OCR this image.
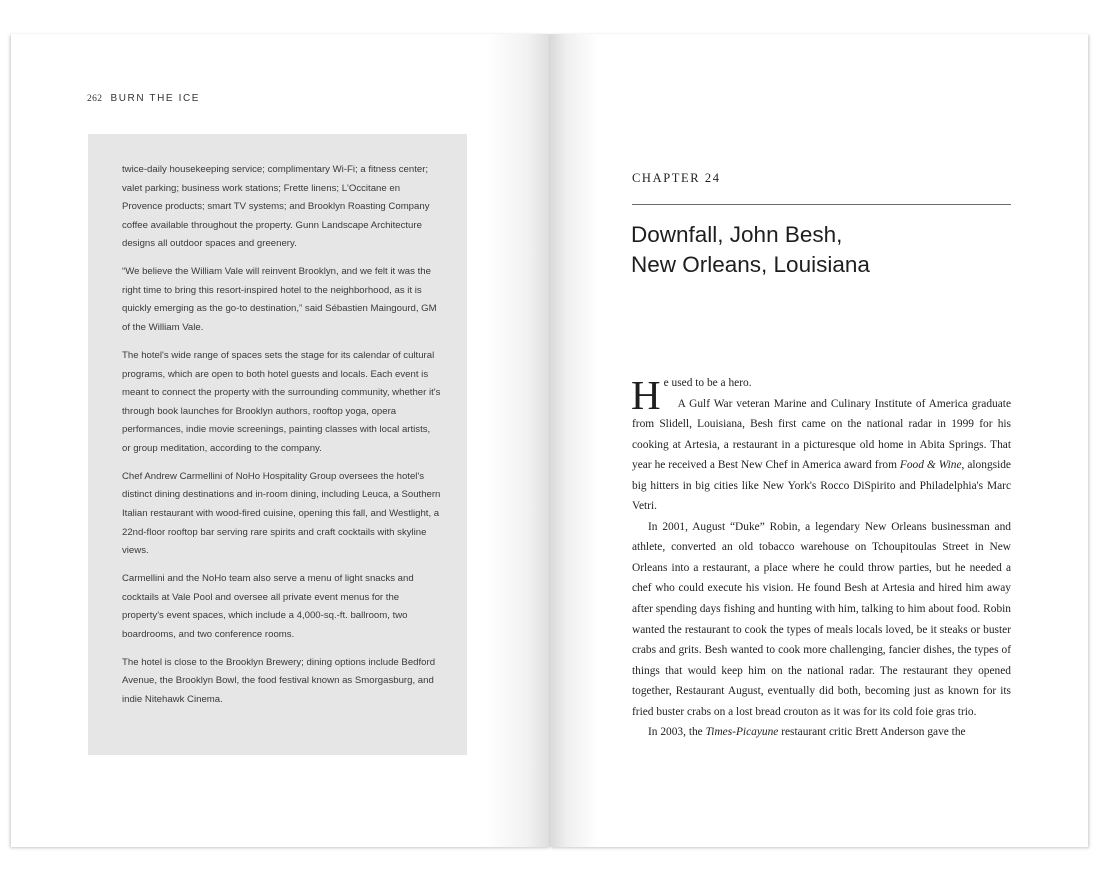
262 BURN THE ICE

twice-daily housekeeping service; complimentary Wi-Fi; a fitness center; valet parking; business work stations; Frette linens; L'Occitane en Provence products; smart TV systems; and Brooklyn Roasting Company coffee available throughout the property. Gunn Landscape Architecture designs all outdoor spaces and greenery.

“We believe the William Vale will reinvent Brooklyn, and we felt it was the right time to bring this resort-inspired hotel to the neighborhood, as it is quickly emerging as the go-to destination,” said Sébastien Maingourd, GM of the William Vale.

The hotel's wide range of spaces sets the stage for its calendar of cultural programs, which are open to both hotel guests and locals. Each event is meant to connect the property with the surrounding community, whether it's through book launches for Brooklyn authors, rooftop yoga, opera performances, indie movie screenings, painting classes with local artists, or group meditation, according to the company.

Chef Andrew Carmellini of NoHo Hospitality Group oversees the hotel's distinct dining destinations and in-room dining, including Leuca, a Southern Italian restaurant with wood-fired cuisine, opening this fall, and Westlight, a 22nd-floor rooftop bar serving rare spirits and craft cocktails with skyline views.

Carmellini and the NoHo team also serve a menu of light snacks and cocktails at Vale Pool and oversee all private event menus for the property's event spaces, which include a 4,000-sq.-ft. ballroom, two boardrooms, and two conference rooms.

The hotel is close to the Brooklyn Brewery; dining options include Bedford Avenue, the Brooklyn Bowl, the food festival known as Smorgasburg, and indie Nitehawk Cinema.

CHAPTER 24
Downfall, John Besh,
New Orleans, Louisiana

He used to be a hero.
A Gulf War veteran Marine and Culinary Institute of America graduate from Slidell, Louisiana, Besh first came on the national radar in 1999 for his cooking at Artesia, a restaurant in a picturesque old home in Abita Springs. That year he received a Best New Chef in America award from Food & Wine, alongside big hitters in big cities like New York's Rocco DiSpirito and Philadelphia's Marc Vetri.

In 2001, August “Duke” Robin, a legendary New Orleans businessman and athlete, converted an old tobacco warehouse on Tchoupitoulas Street in New Orleans into a restaurant, a place where he could throw parties, but he needed a chef who could execute his vision. He found Besh at Artesia and hired him away after spending days fishing and hunting with him, talking to him about food. Robin wanted the restaurant to cook the types of meals locals loved, be it steaks or buster crabs and grits. Besh wanted to cook more challenging, fancier dishes, the types of things that would keep him on the national radar. The restaurant they opened together, Restaurant August, eventually did both, becoming just as known for its fried buster crabs on a lost bread crouton as it was for its cold foie gras trio.

In 2003, the Times-Picayune restaurant critic Brett Anderson gave the
